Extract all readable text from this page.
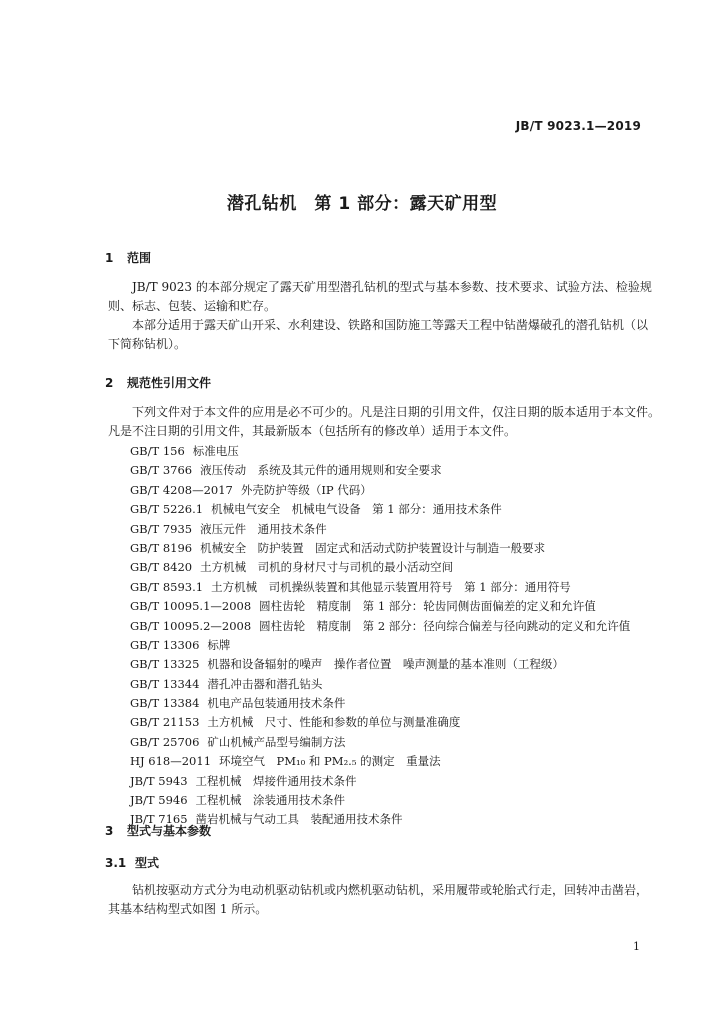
JB/T 9023.1—2019
潜孔钻机　第 1 部分：露天矿用型
1 范围
JB/T 9023 的本部分规定了露天矿用型潜孔钻机的型式与基本参数、技术要求、试验方法、检验规
则、标志、包装、运输和贮存。
本部分适用于露天矿山开采、水利建设、铁路和国防施工等露天工程中钻凿爆破孔的潜孔钻机（以
下简称钻机）。
2 规范性引用文件
下列文件对于本文件的应用是必不可少的。凡是注日期的引用文件，仅注日期的版本适用于本文件。
凡是不注日期的引用文件，其最新版本（包括所有的修改单）适用于本文件。
GB/T 156 标准电压
GB/T 3766 液压传动　系统及其元件的通用规则和安全要求
GB/T 4208—2017 外壳防护等级（IP 代码）
GB/T 5226.1 机械电气安全　机械电气设备　第 1 部分：通用技术条件
GB/T 7935 液压元件　通用技术条件
GB/T 8196 机械安全　防护装置　固定式和活动式防护装置设计与制造一般要求
GB/T 8420 土方机械　司机的身材尺寸与司机的最小活动空间
GB/T 8593.1 土方机械　司机操纵装置和其他显示装置用符号　第 1 部分：通用符号
GB/T 10095.1—2008 圆柱齿轮　精度制　第 1 部分：轮齿同侧齿面偏差的定义和允许值
GB/T 10095.2—2008 圆柱齿轮　精度制　第 2 部分：径向综合偏差与径向跳动的定义和允许值
GB/T 13306 标牌
GB/T 13325 机器和设备辐射的噪声　操作者位置　噪声测量的基本准则（工程级）
GB/T 13344 潜孔冲击器和潜孔钻头
GB/T 13384 机电产品包装通用技术条件
GB/T 21153 土方机械　尺寸、性能和参数的单位与测量准确度
GB/T 25706 矿山机械产品型号编制方法
HJ 618—2011 环境空气　PM₁₀ 和 PM₂.₅ 的测定　重量法
JB/T 5943 工程机械　焊接件通用技术条件
JB/T 5946 工程机械　涂装通用技术条件
JB/T 7165 凿岩机械与气动工具　装配通用技术条件
3 型式与基本参数
3.1 型式
钻机按驱动方式分为电动机驱动钻机或内燃机驱动钻机，采用履带或轮胎式行走，回转冲击凿岩，
其基本结构型式如图 1 所示。
1
